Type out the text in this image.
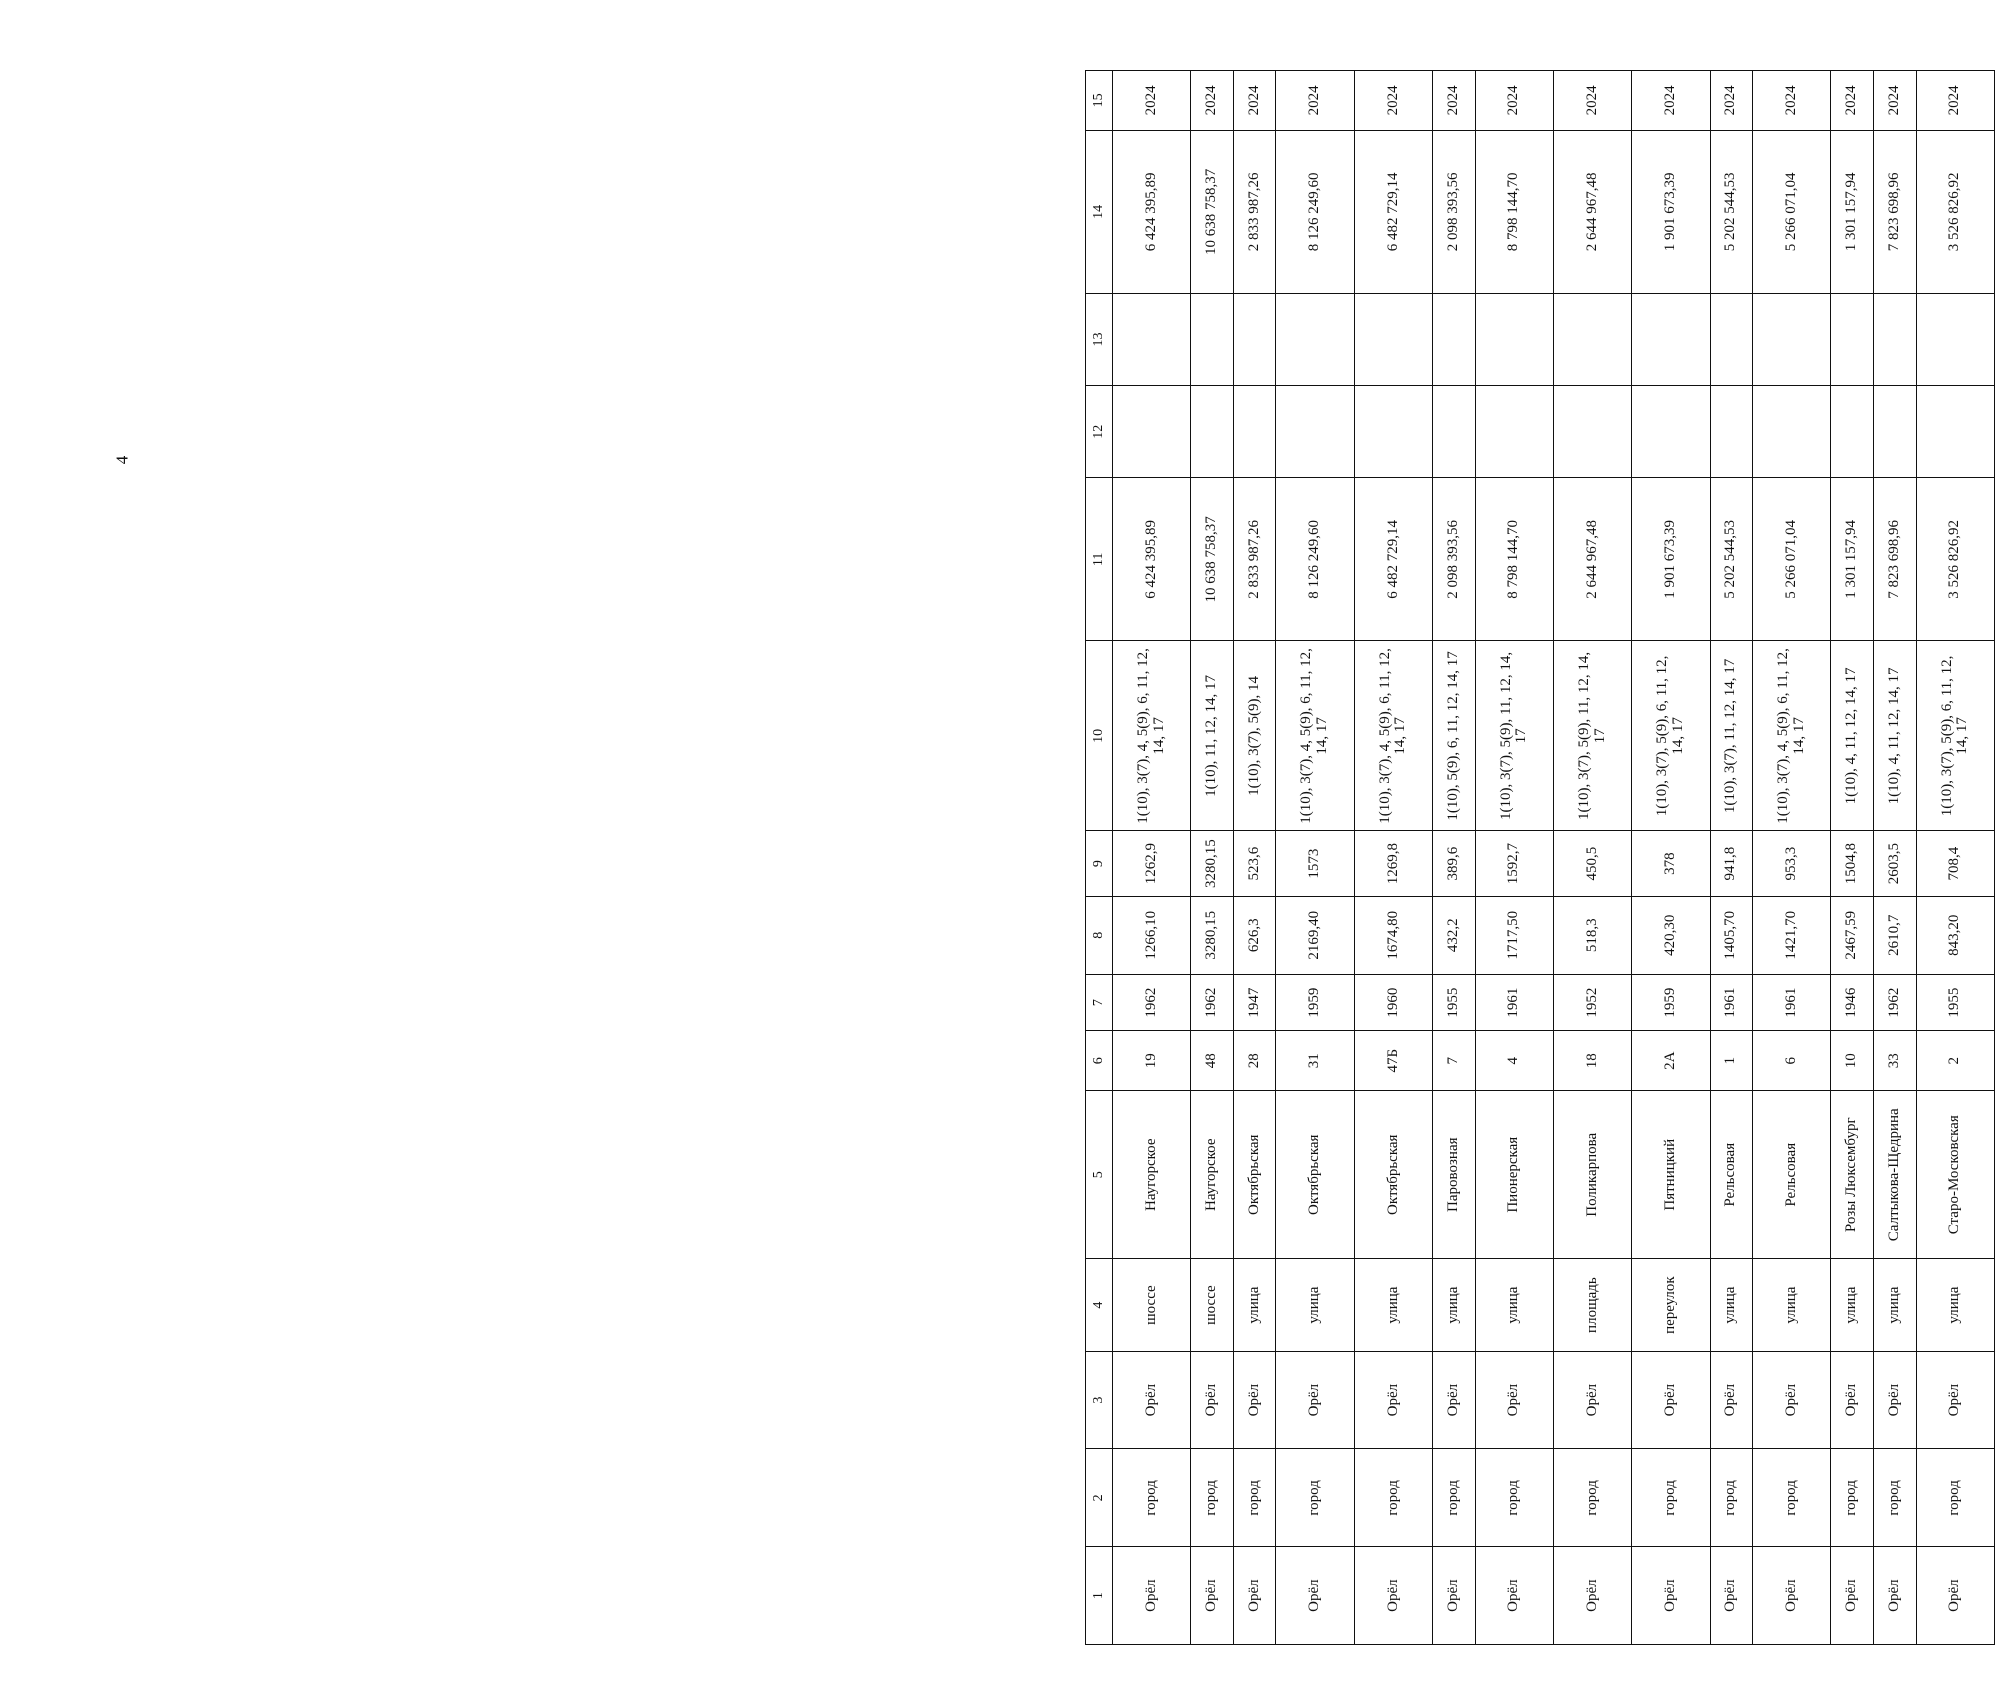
4
1	2	3	4	5	6	7	8	9	10	11	12	13	14	15
Орёл	город	Орёл	шоссе	Наугорское	19	1962	1266,10	1262,9	1(10), 3(7), 4, 5(9), 6, 11, 12, 14, 17	6 424 395,89			6 424 395,89	2024
Орёл	город	Орёл	шоссе	Наугорское	48	1962	3280,15	3280,15	1(10), 11, 12, 14, 17	10 638 758,37			10 638 758,37	2024
Орёл	город	Орёл	улица	Октябрьская	28	1947	626,3	523,6	1(10), 3(7), 5(9), 14	2 833 987,26			2 833 987,26	2024
Орёл	город	Орёл	улица	Октябрьская	31	1959	2169,40	1573	1(10), 3(7), 4, 5(9), 6, 11, 12, 14, 17	8 126 249,60			8 126 249,60	2024
Орёл	город	Орёл	улица	Октябрьская	47Б	1960	1674,80	1269,8	1(10), 3(7), 4, 5(9), 6, 11, 12, 14, 17	6 482 729,14			6 482 729,14	2024
Орёл	город	Орёл	улица	Паровозная	7	1955	432,2	389,6	1(10), 5(9), 6, 11, 12, 14, 17	2 098 393,56			2 098 393,56	2024
Орёл	город	Орёл	улица	Пионерская	4	1961	1717,50	1592,7	1(10), 3(7), 5(9), 11, 12, 14, 17	8 798 144,70			8 798 144,70	2024
Орёл	город	Орёл	площадь	Поликарпова	18	1952	518,3	450,5	1(10), 3(7), 5(9), 11, 12, 14, 17	2 644 967,48			2 644 967,48	2024
Орёл	город	Орёл	переулок	Пятницкий	2А	1959	420,30	378	1(10), 3(7), 5(9), 6, 11, 12, 14, 17	1 901 673,39			1 901 673,39	2024
Орёл	город	Орёл	улица	Рельсовая	1	1961	1405,70	941,8	1(10), 3(7), 11, 12, 14, 17	5 202 544,53			5 202 544,53	2024
Орёл	город	Орёл	улица	Рельсовая	6	1961	1421,70	953,3	1(10), 3(7), 4, 5(9), 6, 11, 12, 14, 17	5 266 071,04			5 266 071,04	2024
Орёл	город	Орёл	улица	Розы Люксембург	10	1946	2467,59	1504,8	1(10), 4, 11, 12, 14, 17	1 301 157,94			1 301 157,94	2024
Орёл	город	Орёл	улица	Салтыкова-Щедрина	33	1962	2610,7	2603,5	1(10), 4, 11, 12, 14, 17	7 823 698,96			7 823 698,96	2024
Орёл	город	Орёл	улица	Старо-Московская	2	1955	843,20	708,4	1(10), 3(7), 5(9), 6, 11, 12, 14, 17	3 526 826,92			3 526 826,92	2024
